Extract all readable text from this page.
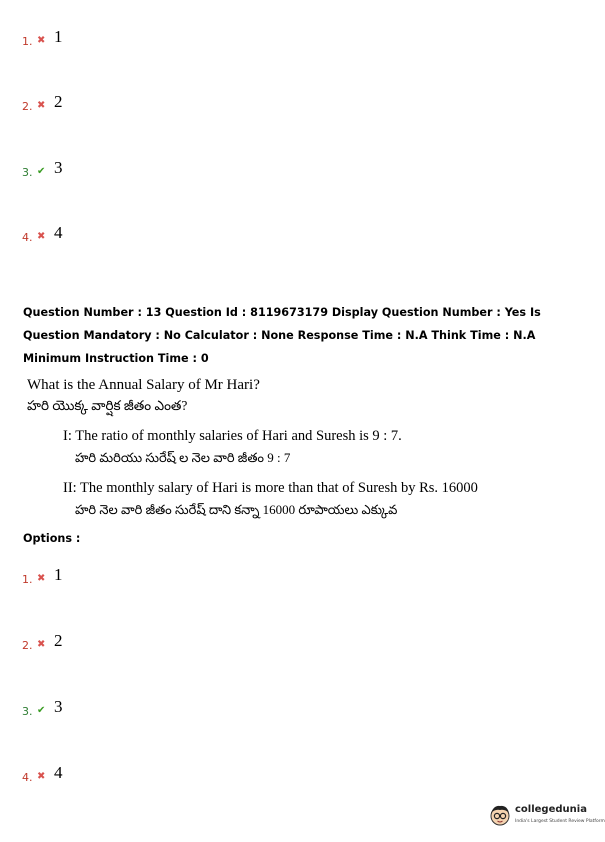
1. ✖ 1
2. ✖ 2
3. ✔ 3
4. ✖ 4

Question Number : 13 Question Id : 8119673179 Display Question Number : Yes Is Question Mandatory : No Calculator : None Response Time : N.A Think Time : N.A Minimum Instruction Time : 0

What is the Annual Salary of Mr Hari?
హరి యొక్క వార్షిక జీతం ఎంత?
I: The ratio of monthly salaries of Hari and Suresh is 9 : 7.
హరి మరియు సురేష్ ల నెల వారి జీతం 9 : 7
II: The monthly salary of Hari is more than that of Suresh by Rs. 16000
హరి నెల వారి జీతం సురేష్ దాని కన్నా 16000 రూపాయలు ఎక్కువ
Options :
1. ✖ 1
2. ✖ 2
3. ✔ 3
4. ✖ 4
collegedunia
India's Largest Student Review Platform
